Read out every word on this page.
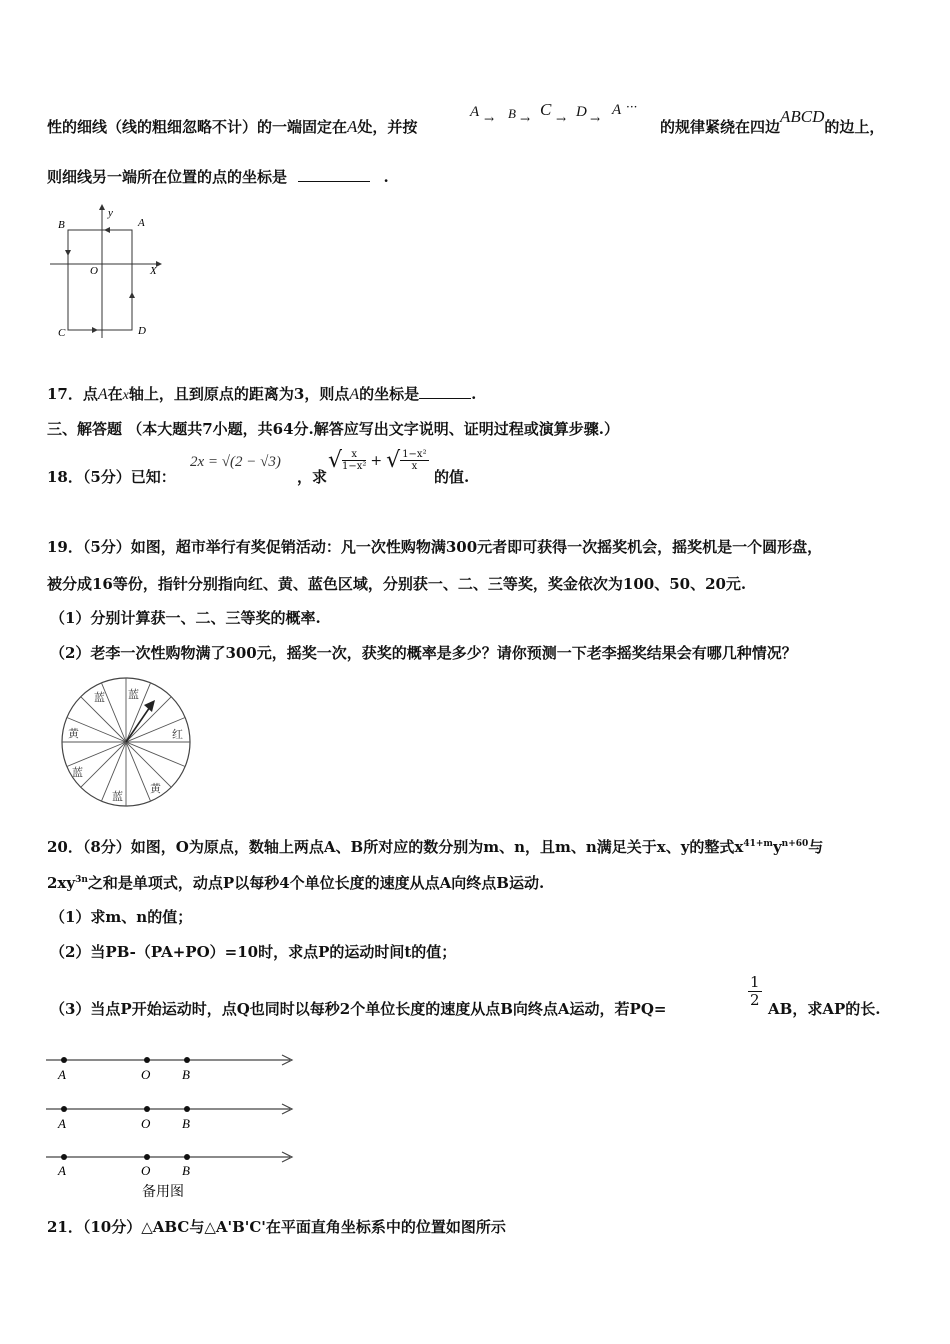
性的细线（线的粗细忽略不计）的一端固定在A处，并按
A → B → C → D →
A ···
的规律紧绕在四边ABCD的边上，
则细线另一端所在位置的点的坐标是	.
B	A
C	D
O	X
y
17．点A在x轴上，且到原点的距离为3，则点A的坐标是	.
三、解答题 （本大题共7小题，共64分.解答应写出文字说明、证明过程或演算步骤.）
18．（5分）已知：
2x = √(2 − √3)
，求
√ $\frac{x}{\text{1−x²}}$ + √ $\frac{\text{1−x²}}{x}$
的值.
19．（5分）如图，超市举行有奖促销活动：凡一次性购物满300元者即可获得一次摇奖机会，摇奖机是一个圆形盘，
被分成16等份，指针分别指向红、黄、蓝色区域，分别获一、二、三等奖，奖金依次为100、50、20元.
（1）分别计算获一、二、三等奖的概率.
（2）老李一次性购物满了300元，摇奖一次，获奖的概率是多少？请你预测一下老李摇奖结果会有哪几种情况？
蓝 蓝
红
黄
蓝
蓝
黄
20．（8分）如图，O为原点，数轴上两点A、B所对应的数分别为m、n，且m、n满足关于x、y的整式$x^{41+m}y^{n+60}$与
$2xy^{3n}$之和是单项式，动点P以每秒4个单位长度的速度从点A向终点B运动.
（1）求m、n的值；
（2）当PB-（PA+PO）=10时，求点P的运动时间t的值；
（3）当点P开始运动时，点Q也同时以每秒2个单位长度的速度从点B向终点A运动，若PQ=
$\frac{1}{2}$
AB，求AP的长.
A	O B
A	O B
A	O B
备用图
21．（10分）△ABC与△A'B'C'在平面直角坐标系中的位置如图所示
